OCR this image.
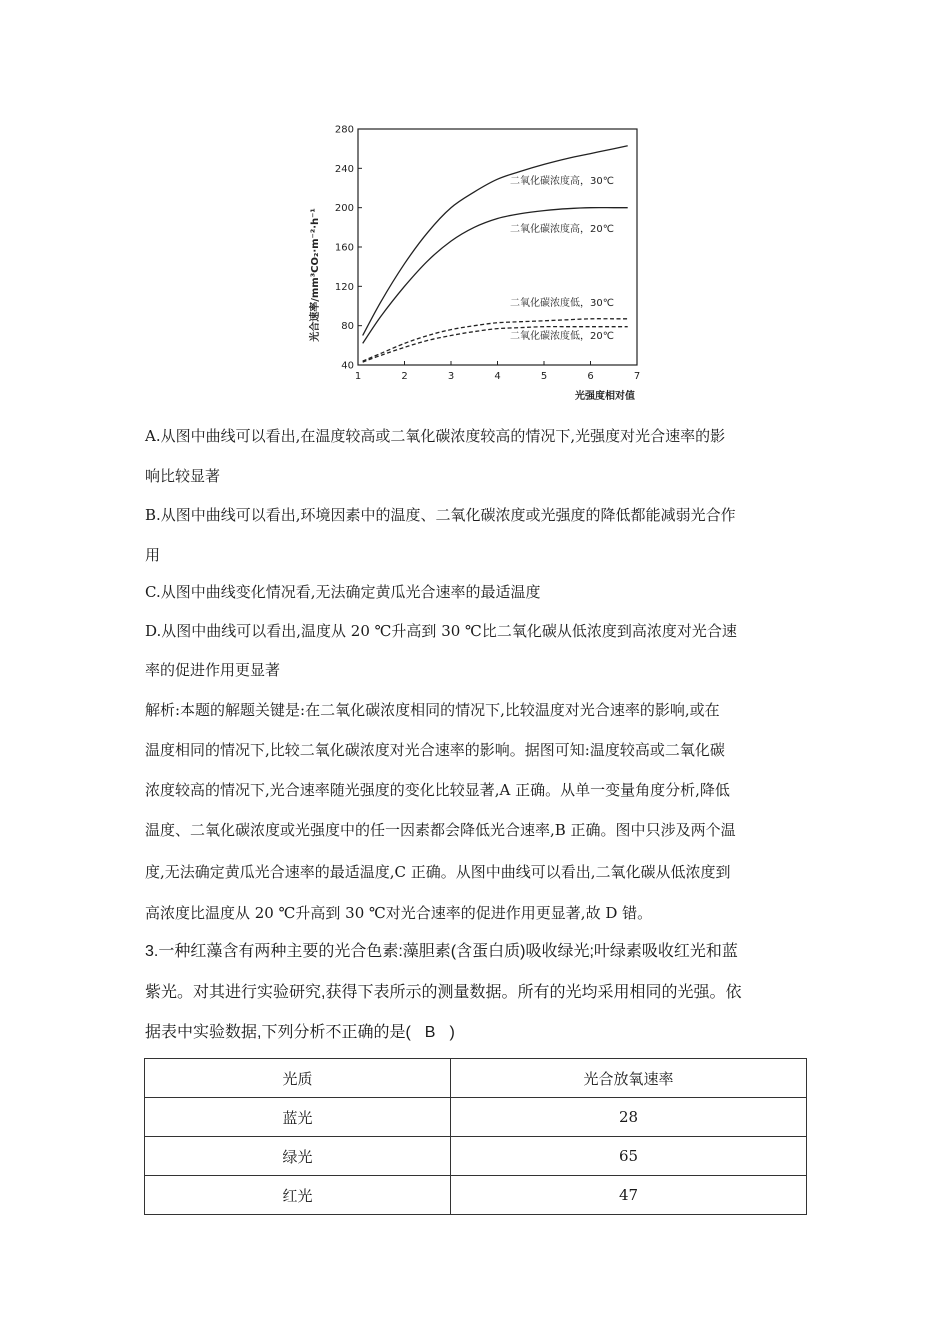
1	2	3	4	5	6	7
40
80
120
160
200
240
280
二氧化碳浓度高，30℃
二氧化碳浓度高，20℃
二氧化碳浓度低，30℃
二氧化碳浓度低，20℃
光强度相对值
光合速率/mm³CO₂·m⁻²·h⁻¹
A.从图中曲线可以看出,在温度较高或二氧化碳浓度较高的情况下,光强度对光合速率的影
响比较显著
B.从图中曲线可以看出,环境因素中的温度、二氧化碳浓度或光强度的降低都能减弱光合作
用
C.从图中曲线变化情况看,无法确定黄瓜光合速率的最适温度
D.从图中曲线可以看出,温度从 20 ℃升高到 30 ℃比二氧化碳从低浓度到高浓度对光合速
率的促进作用更显著
解析:本题的解题关键是:在二氧化碳浓度相同的情况下,比较温度对光合速率的影响,或在
温度相同的情况下,比较二氧化碳浓度对光合速率的影响。据图可知:温度较高或二氧化碳
浓度较高的情况下,光合速率随光强度的变化比较显著,A 正确。从单一变量角度分析,降低
温度、二氧化碳浓度或光强度中的任一因素都会降低光合速率,B 正确。图中只涉及两个温
度,无法确定黄瓜光合速率的最适温度,C 正确。从图中曲线可以看出,二氧化碳从低浓度到
高浓度比温度从 20 ℃升高到 30 ℃对光合速率的促进作用更显著,故 D 错。
3.一种红藻含有两种主要的光合色素:藻胆素(含蛋白质)吸收绿光;叶绿素吸收红光和蓝
紫光。对其进行实验研究,获得下表所示的测量数据。所有的光均采用相同的光强。依
据表中实验数据,下列分析不正确的是( B )
光质	光合放氧速率
蓝光	28
绿光	65
红光	47
